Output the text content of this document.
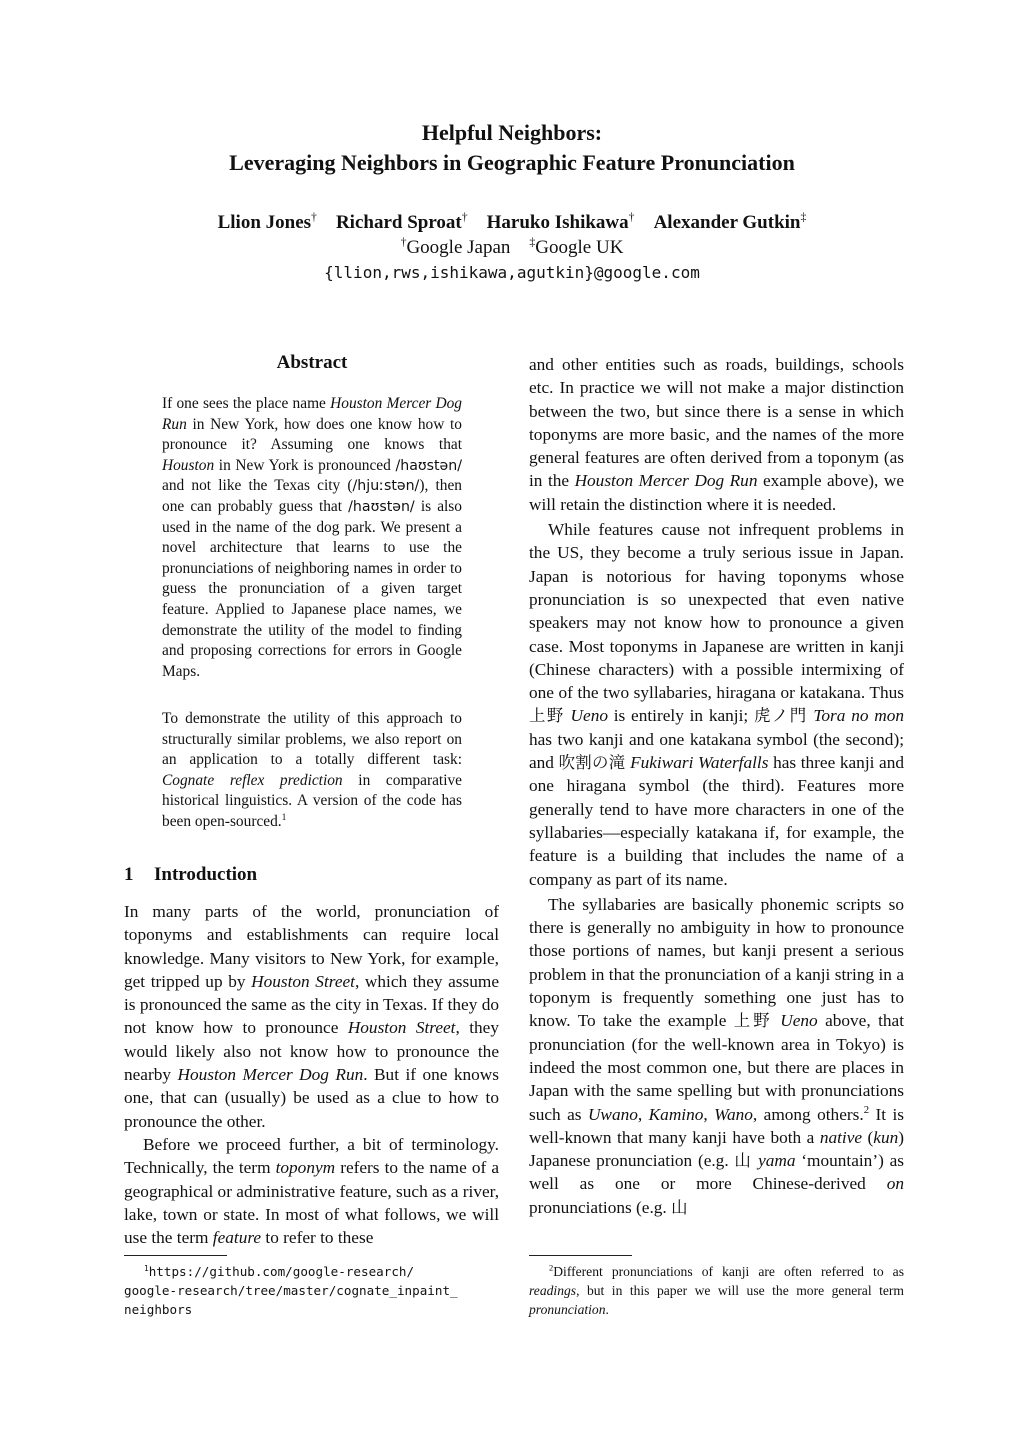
Helpful Neighbors:
Leveraging Neighbors in Geographic Feature Pronunciation
Llion Jones† Richard Sproat† Haruko Ishikawa† Alexander Gutkin‡
†Google Japan ‡Google UK
{llion,rws,ishikawa,agutkin}@google.com
Abstract
If one sees the place name Houston Mercer Dog Run in New York, how does one know how to pronounce it? Assuming one knows that Houston in New York is pronounced /haʊstən/ and not like the Texas city (/hjuːstən/), then one can probably guess that /haʊstən/ is also used in the name of the dog park. We present a novel architecture that learns to use the pronunciations of neighboring names in order to guess the pronunciation of a given target feature. Applied to Japanese place names, we demonstrate the utility of the model to finding and proposing corrections for errors in Google Maps.
To demonstrate the utility of this approach to structurally similar problems, we also report on an application to a totally different task: Cognate reflex prediction in comparative historical linguistics. A version of the code has been open-sourced.$^1$
1 Introduction

In many parts of the world, pronunciation of toponyms and establishments can require local knowledge. Many visitors to New York, for example, get tripped up by Houston Street, which they assume is pronounced the same as the city in Texas. If they do not know how to pronounce Houston Street, they would likely also not know how to pronounce the nearby Houston Mercer Dog Run. But if one knows one, that can (usually) be used as a clue to how to pronounce the other.

Before we proceed further, a bit of terminology. Technically, the term toponym refers to the name of a geographical or administrative feature, such as a river, lake, town or state. In most of what follows, we will use the term feature to refer to these

and other entities such as roads, buildings, schools etc. In practice we will not make a major distinction between the two, but since there is a sense in which toponyms are more basic, and the names of the more general features are often derived from a toponym (as in the Houston Mercer Dog Run example above), we will retain the distinction where it is needed.

While features cause not infrequent problems in the US, they become a truly serious issue in Japan. Japan is notorious for having toponyms whose pronunciation is so unexpected that even native speakers may not know how to pronounce a given case. Most toponyms in Japanese are written in kanji (Chinese characters) with a possible intermixing of one of the two syllabaries, hiragana or katakana. Thus 上野 Ueno is entirely in kanji; 虎ノ門 Tora no mon has two kanji and one katakana symbol (the second); and 吹割の滝 Fukiwari Waterfalls has three kanji and one hiragana symbol (the third). Features more generally tend to have more characters in one of the syllabaries—especially katakana if, for example, the feature is a building that includes the name of a company as part of its name.

The syllabaries are basically phonemic scripts so there is generally no ambiguity in how to pronounce those portions of names, but kanji present a serious problem in that the pronunciation of a kanji string in a toponym is frequently something one just has to know. To take the example 上野 Ueno above, that pronunciation (for the well-known area in Tokyo) is indeed the most common one, but there are places in Japan with the same spelling but with pronunciations such as Uwano, Kamino, Wano, among others.$^2$ It is well-known that many kanji have both a native (kun) Japanese pronunciation (e.g. 山 yama ‘mountain’) as well as one or more Chinese-derived on pronunciations (e.g. 山

$^1$https://github.com/google-research/
google-research/tree/master/cognate_inpaint_
neighbors
$^2$Different pronunciations of kanji are often referred to as readings, but in this paper we will use the more general term pronunciation.
